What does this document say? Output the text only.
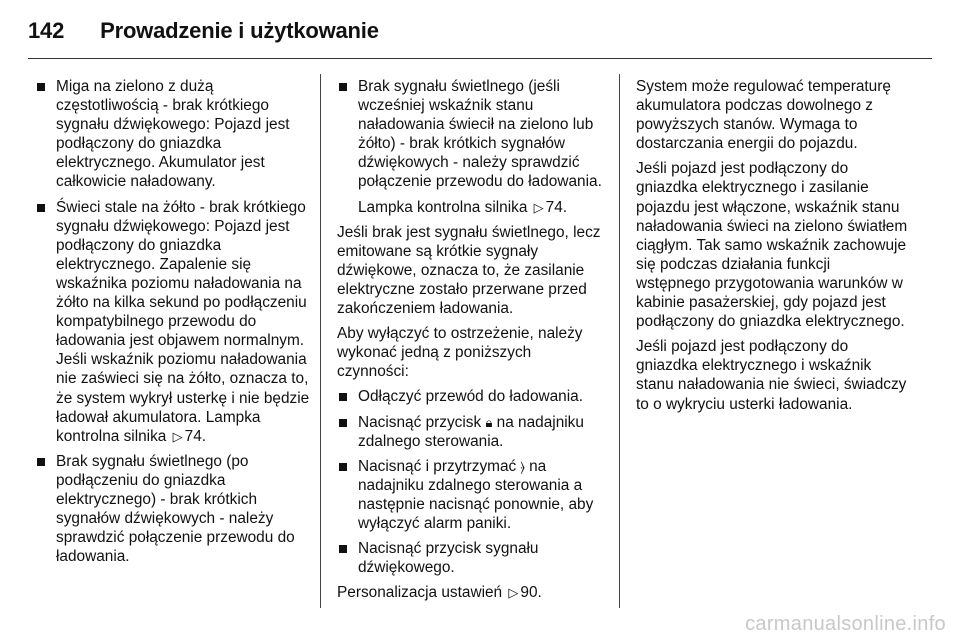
142 Prowadzenie i użytkowanie
Miga na zielono z dużą częstotliwością - brak krótkiego sygnału dźwiękowego: Pojazd jest podłączony do gniazdka elektrycznego. Akumulator jest całkowicie naładowany.
Świeci stale na żółto - brak krótkiego sygnału dźwiękowego: Pojazd jest podłączony do gniazdka elektrycznego. Zapalenie się wskaźnika poziomu naładowania na żółto na kilka sekund po podłączeniu kompatybilnego przewodu do ładowania jest objawem normalnym. Jeśli wskaźnik poziomu naładowania nie zaświeci się na żółto, oznacza to, że system wykrył usterkę i nie będzie ładował akumulatora. Lampka kontrolna silnika ▷ 74.
Brak sygnału świetlnego (po podłączeniu do gniazdka elektrycznego) - brak krótkich sygnałów dźwiękowych - należy sprawdzić połączenie przewodu do ładowania.
Brak sygnału świetlnego (jeśli wcześniej wskaźnik stanu naładowania świecił na zielono lub żółto) - brak krótkich sygnałów dźwiękowych - należy sprawdzić połączenie przewodu do ładowania.
Lampka kontrolna silnika ▷ 74.

Jeśli brak jest sygnału świetlnego, lecz emitowane są krótkie sygnały dźwiękowe, oznacza to, że zasilanie elektryczne zostało przerwane przed zakończeniem ładowania.

Aby wyłączyć to ostrzeżenie, należy wykonać jedną z poniższych czynności:

Odłączyć przewód do ładowania.
Nacisnąć przycisk 🔒︎ na nadajniku zdalnego sterowania.
Nacisnąć i przytrzymać ⦒ na nadajniku zdalnego sterowania a następnie nacisnąć ponownie, aby wyłączyć alarm paniki.
Nacisnąć przycisk sygnału dźwiękowego.

Personalizacja ustawień ▷ 90.

System może regulować temperaturę akumulatora podczas dowolnego z powyższych stanów. Wymaga to dostarczania energii do pojazdu.

Jeśli pojazd jest podłączony do gniazdka elektrycznego i zasilanie pojazdu jest włączone, wskaźnik stanu naładowania świeci na zielono światłem ciągłym. Tak samo wskaźnik zachowuje się podczas działania funkcji wstępnego przygotowania warunków w kabinie pasażerskiej, gdy pojazd jest podłączony do gniazdka elektrycznego.

Jeśli pojazd jest podłączony do gniazdka elektrycznego i wskaźnik stanu naładowania nie świeci, świadczy to o wykryciu usterki ładowania.

carmanualsonline.info
